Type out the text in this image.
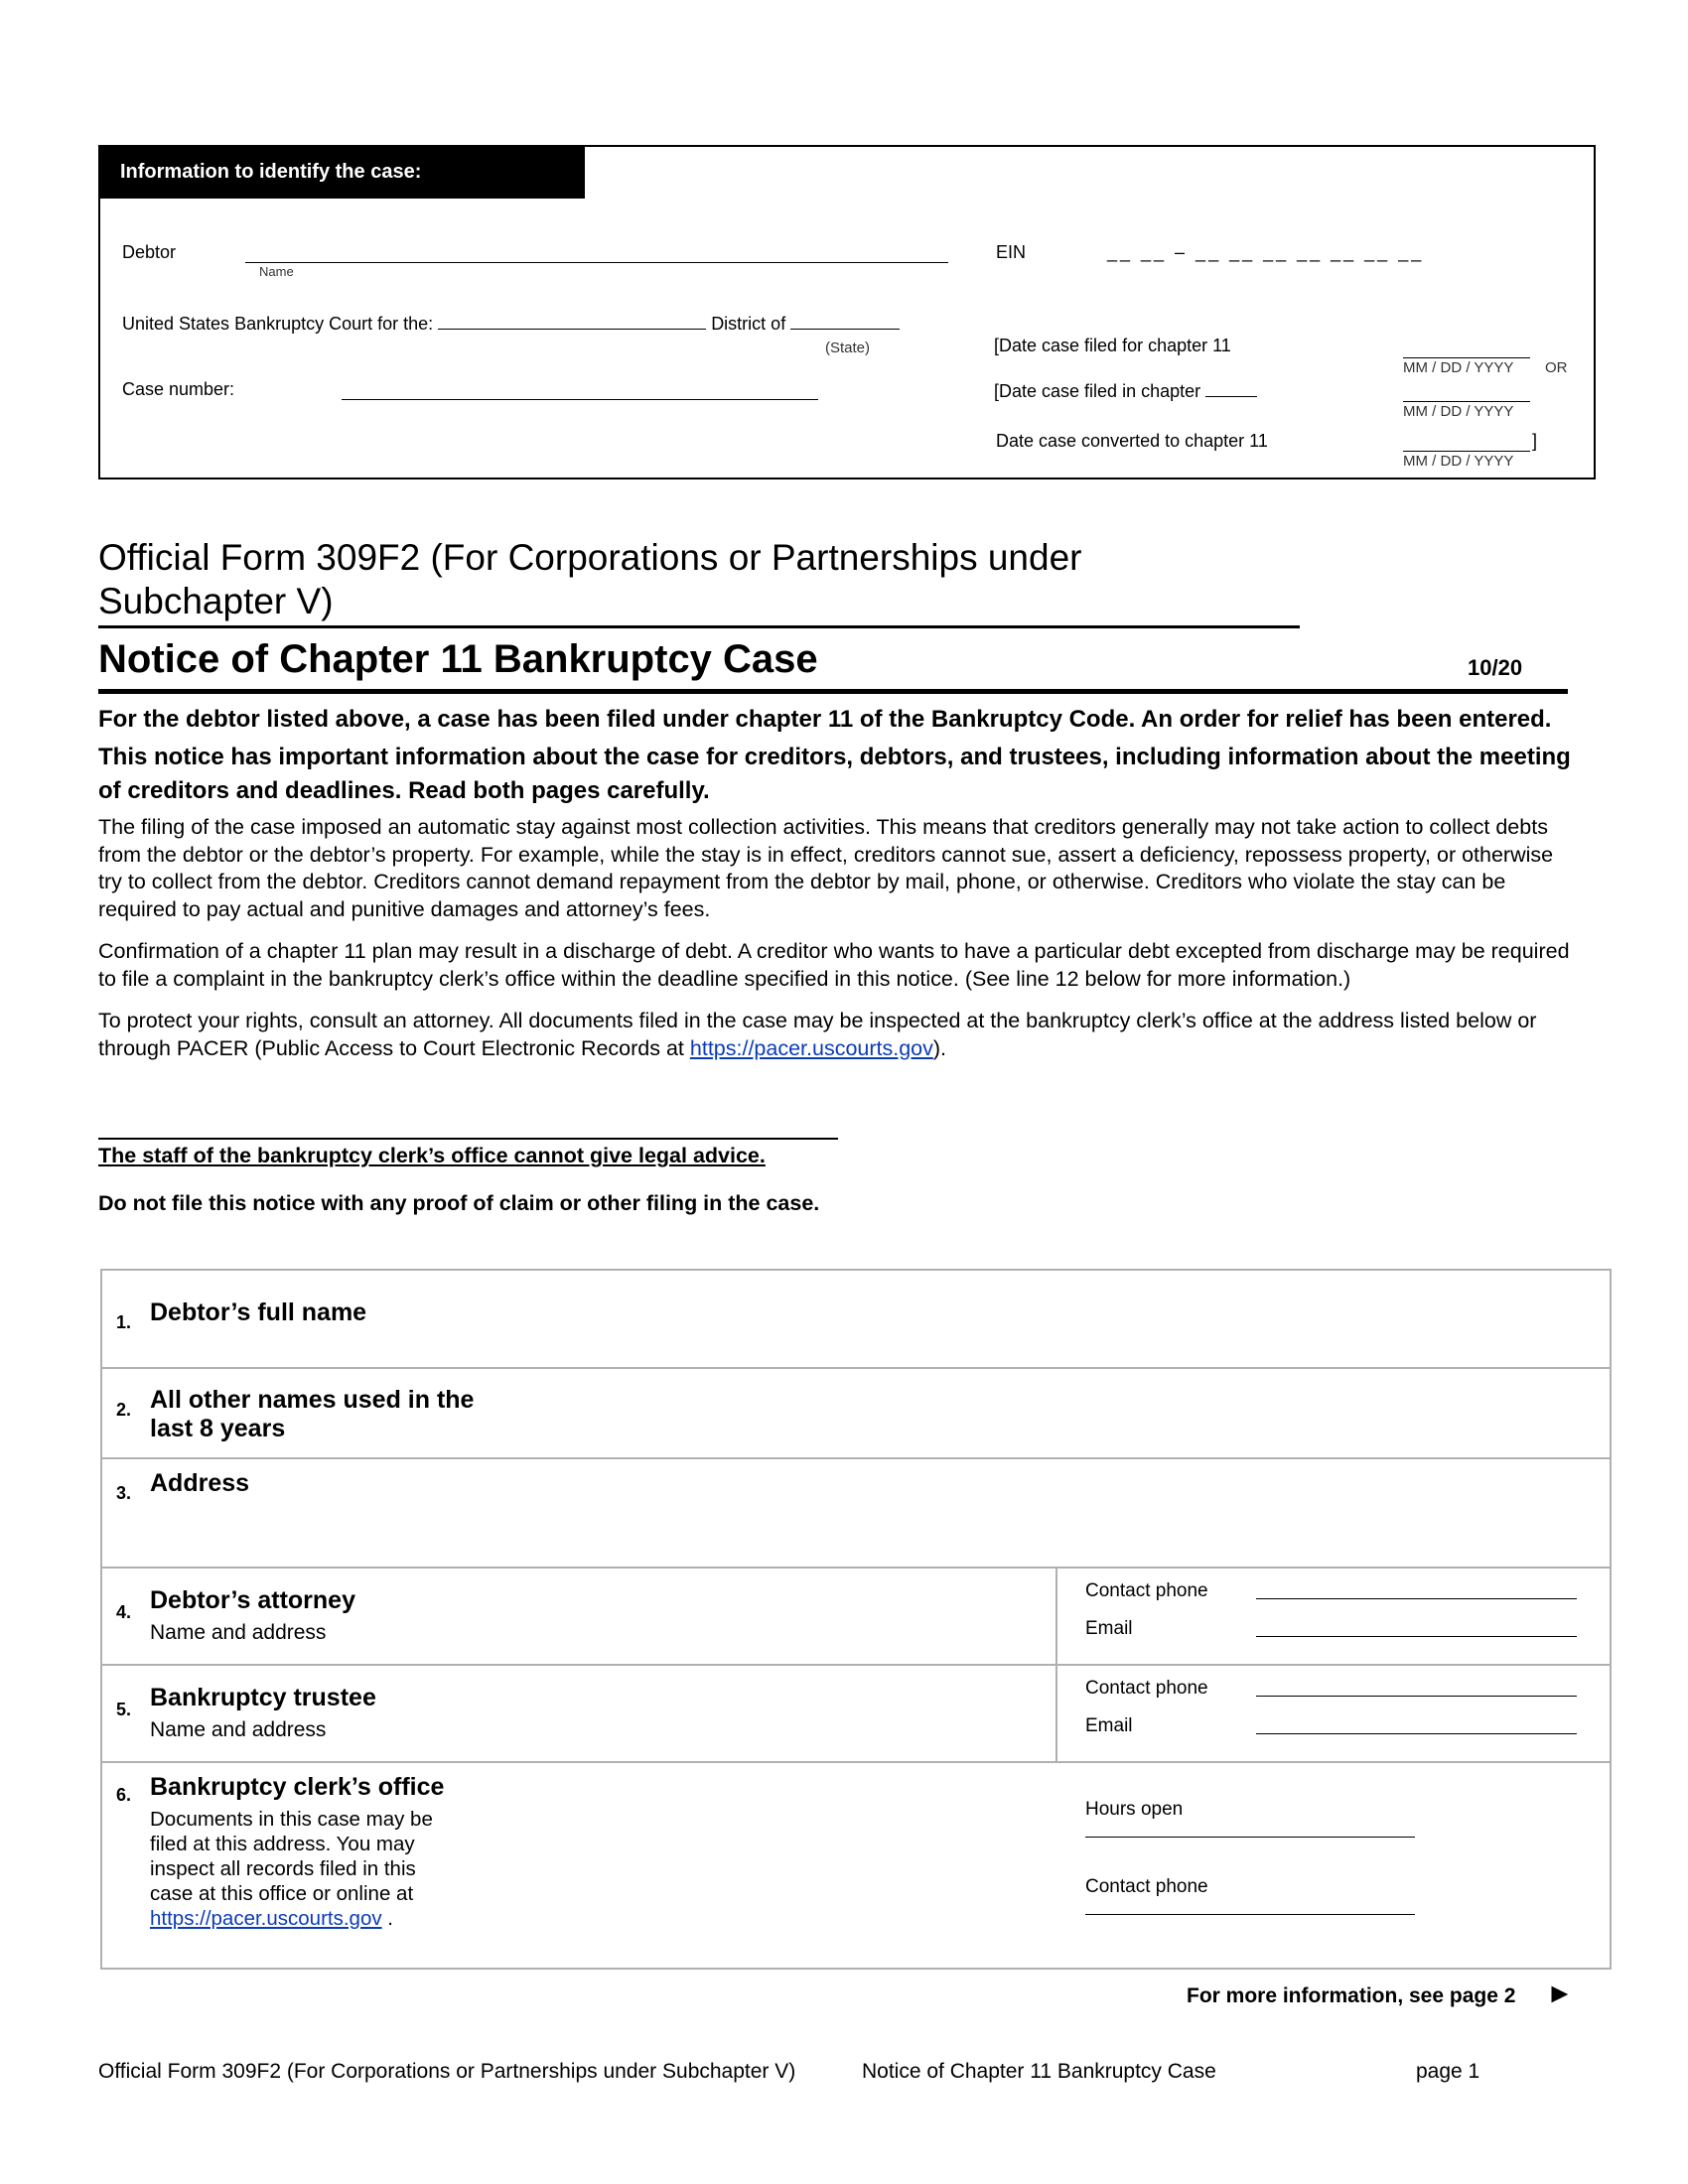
Information to identify the case:
Debtor
Name
EIN	__ __ – __ __ __ __ __ __ __
United States Bankruptcy Court for the:	District of
(State)
Case number:
[Date case filed for chapter 11
MM / DD / YYYY OR
[Date case filed in chapter
MM / DD / YYYY
Date case converted to chapter 11	]
MM / DD / YYYY
Official Form 309F2 (For Corporations or Partnerships under
Subchapter V)
Notice of Chapter 11 Bankruptcy Case	10/20
For the debtor listed above, a case has been filed under chapter 11 of the Bankruptcy Code. An order for relief has been entered.
This notice has important information about the case for creditors, debtors, and trustees, including information about the meeting of creditors and deadlines. Read both pages carefully.
The filing of the case imposed an automatic stay against most collection activities. This means that creditors generally may not take action to collect debts from the debtor or the debtor’s property. For example, while the stay is in effect, creditors cannot sue, assert a deficiency, repossess property, or otherwise try to collect from the debtor. Creditors cannot demand repayment from the debtor by mail, phone, or otherwise. Creditors who violate the stay can be required to pay actual and punitive damages and attorney’s fees.
Confirmation of a chapter 11 plan may result in a discharge of debt. A creditor who wants to have a particular debt excepted from discharge may be required to file a complaint in the bankruptcy clerk’s office within the deadline specified in this notice. (See line 12 below for more information.)
To protect your rights, consult an attorney. All documents filed in the case may be inspected at the bankruptcy clerk’s office at the address listed below or through PACER (Public Access to Court Electronic Records at https://pacer.uscourts.gov).
The staff of the bankruptcy clerk’s office cannot give legal advice.
Do not file this notice with any proof of claim or other filing in the case.
1. Debtor’s full name
2. All other names used in the
last 8 years
3. Address
4. Debtor’s attorney
Name and address
Contact phone
Email
5. Bankruptcy trustee
Name and address
Contact phone
Email
6. Bankruptcy clerk’s office
Documents in this case may be
filed at this address. You may
inspect all records filed in this
case at this office or online at
https://pacer.uscourts.gov .
Hours open
Contact phone
For more information, see page 2 ►
Official Form 309F2 (For Corporations or Partnerships under Subchapter V)	Notice of Chapter 11 Bankruptcy Case	page 1
